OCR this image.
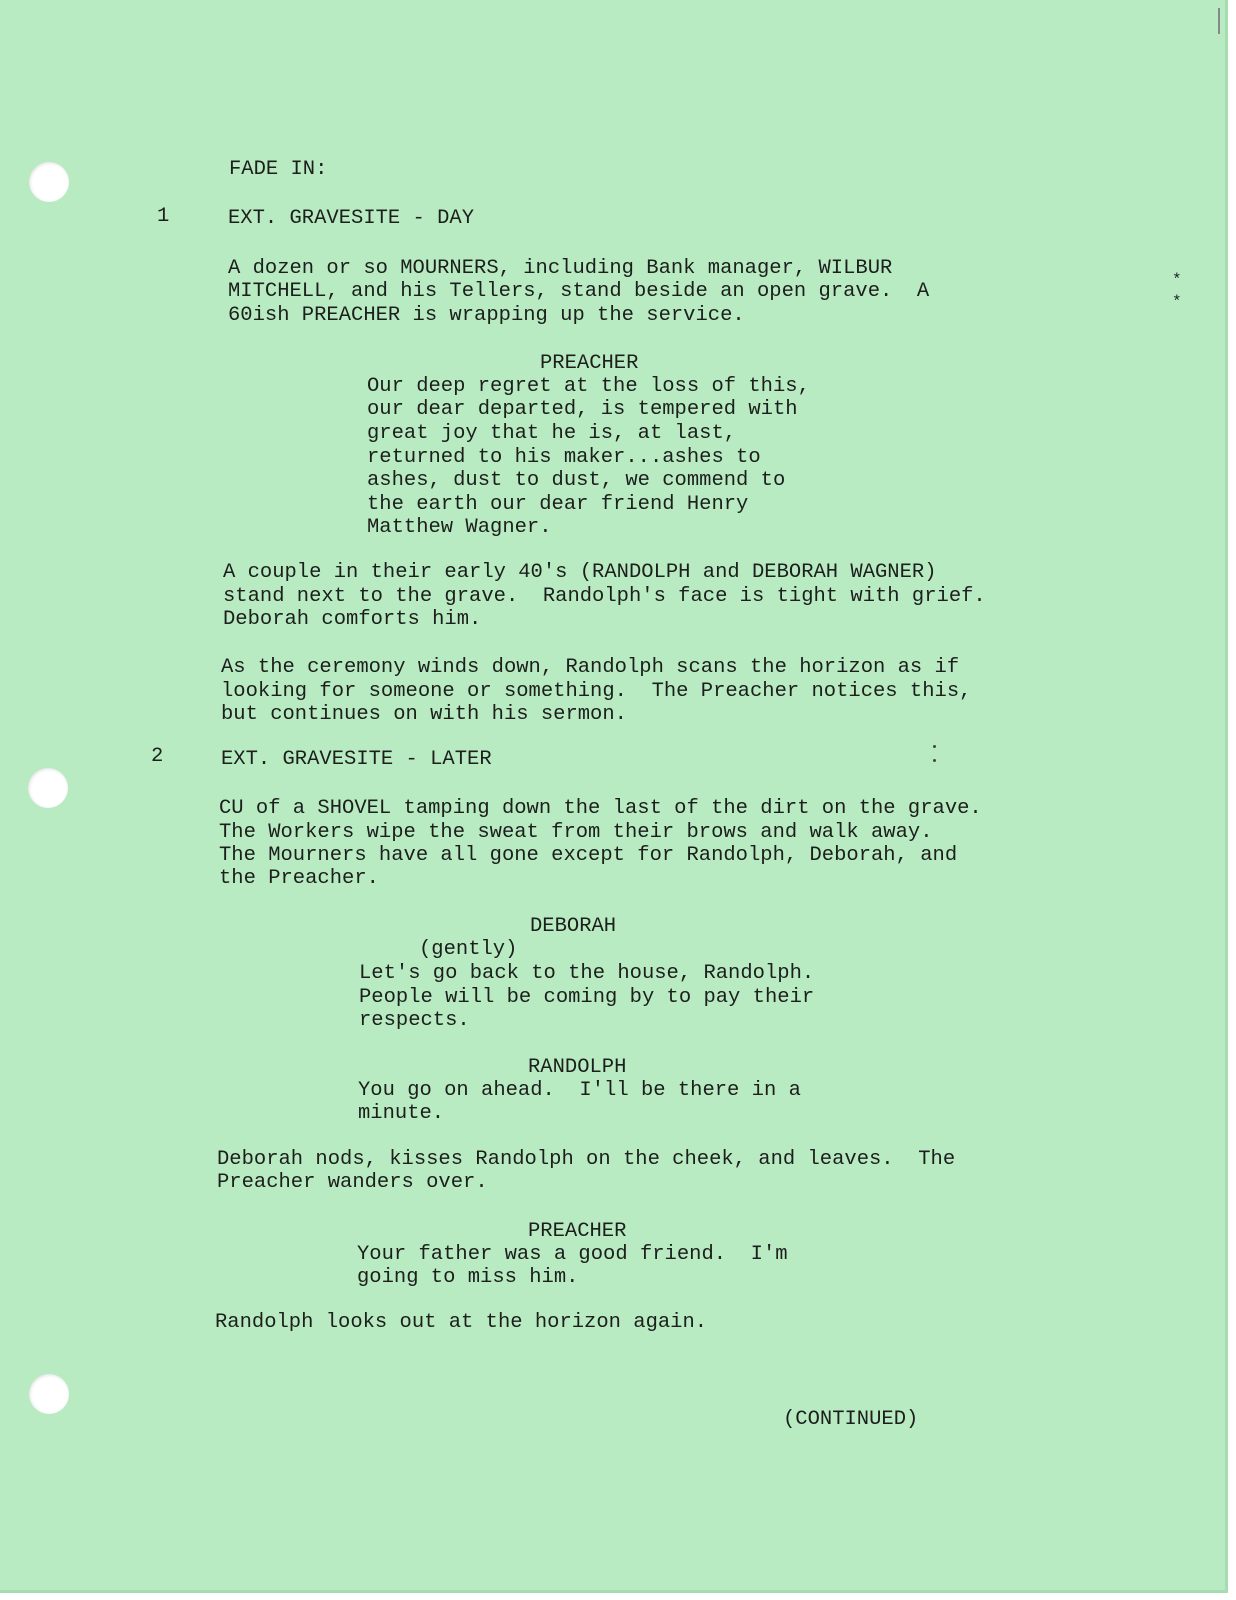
FADE IN:
1	EXT. GRAVESITE - DAY
A dozen or so MOURNERS, including Bank manager, WILBUR
MITCHELL, and his Tellers, stand beside an open grave.  A
60ish PREACHER is wrapping up the service.
*
*
PREACHER
Our deep regret at the loss of this,
our dear departed, is tempered with
great joy that he is, at last,
returned to his maker...ashes to
ashes, dust to dust, we commend to
the earth our dear friend Henry
Matthew Wagner.
A couple in their early 40's (RANDOLPH and DEBORAH WAGNER)
stand next to the grave.  Randolph's face is tight with grief.
Deborah comforts him.
As the ceremony winds down, Randolph scans the horizon as if
looking for someone or something.  The Preacher notices this,
but continues on with his sermon.
2	EXT. GRAVESITE - LATER
CU of a SHOVEL tamping down the last of the dirt on the grave.
The Workers wipe the sweat from their brows and walk away.
The Mourners have all gone except for Randolph, Deborah, and
the Preacher.
DEBORAH
(gently)
Let's go back to the house, Randolph.
People will be coming by to pay their
respects.
RANDOLPH
You go on ahead.  I'll be there in a
minute.
Deborah nods, kisses Randolph on the cheek, and leaves.  The
Preacher wanders over.
PREACHER
Your father was a good friend.  I'm
going to miss him.
Randolph looks out at the horizon again.
(CONTINUED)
